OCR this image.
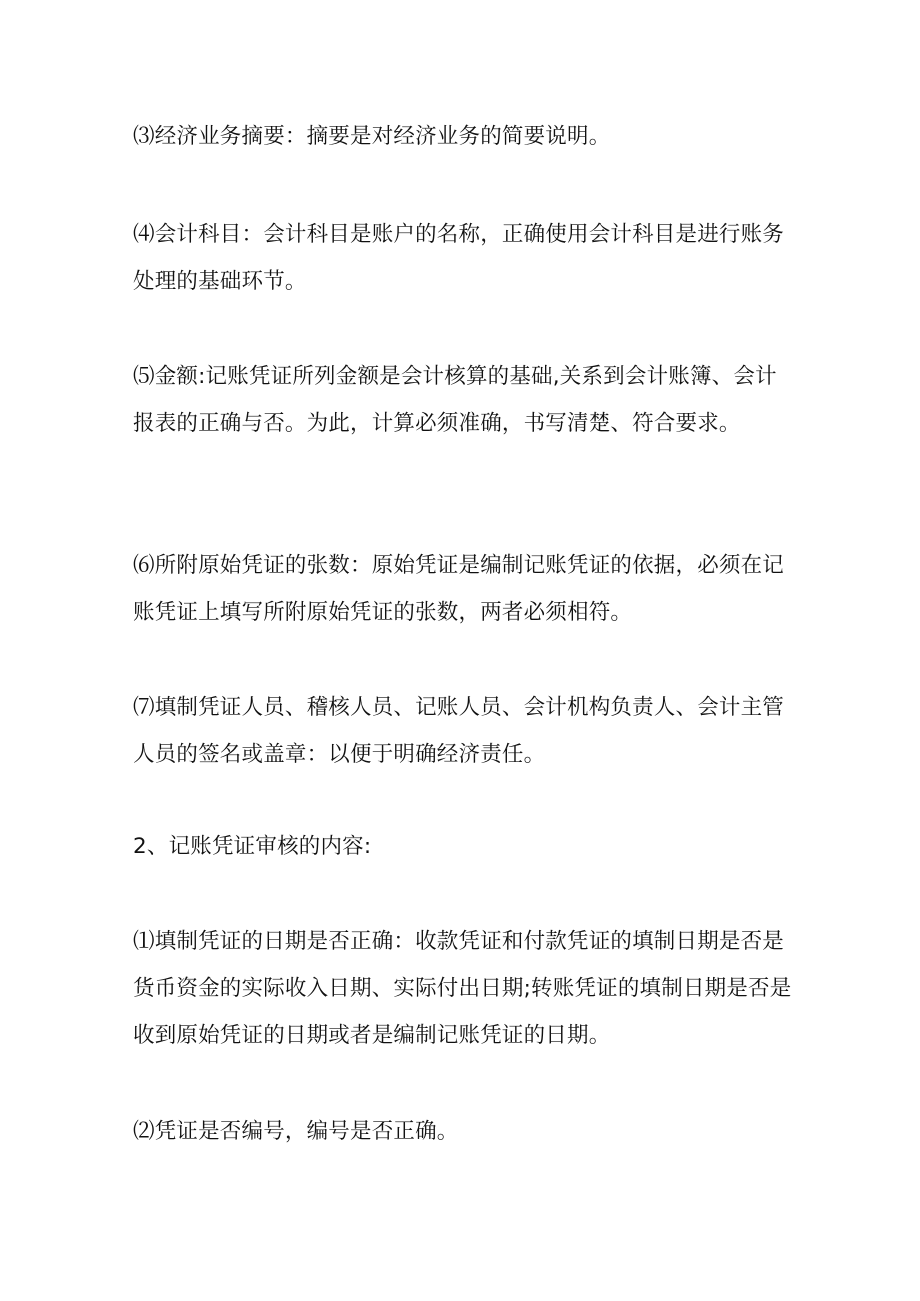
⑶经济业务摘要：摘要是对经济业务的简要说明。

⑷会计科目：会计科目是账户的名称，正确使用会计科目是进行账务处理的基础环节。

⑸金额:记账凭证所列金额是会计核算的基础,关系到会计账簿、会计报表的正确与否。为此，计算必须准确，书写清楚、符合要求。

⑹所附原始凭证的张数：原始凭证是编制记账凭证的依据，必须在记账凭证上填写所附原始凭证的张数，两者必须相符。

⑺填制凭证人员、稽核人员、记账人员、会计机构负责人、会计主管人员的签名或盖章：以便于明确经济责任。

2、记账凭证审核的内容:

⑴填制凭证的日期是否正确：收款凭证和付款凭证的填制日期是否是货币资金的实际收入日期、实际付出日期;转账凭证的填制日期是否是收到原始凭证的日期或者是编制记账凭证的日期。

⑵凭证是否编号，编号是否正确。
